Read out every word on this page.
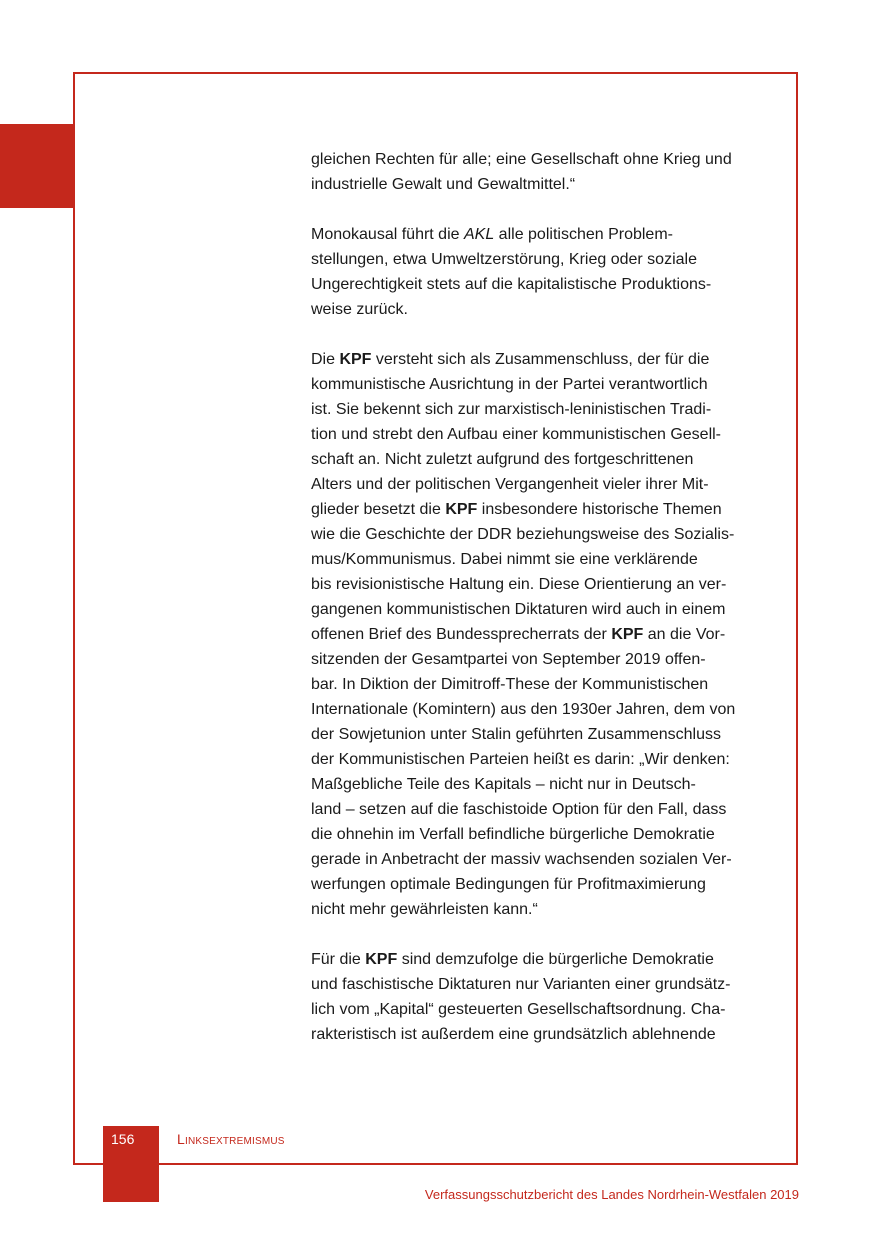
gleichen Rechten für alle; eine Gesellschaft ohne Krieg und
industrielle Gewalt und Gewaltmittel.“

Monokausal führt die AKL alle politischen Problem-
stellungen, etwa Umweltzerstörung, Krieg oder soziale
Ungerechtigkeit stets auf die kapitalistische Produktions-
weise zurück.

Die KPF versteht sich als Zusammenschluss, der für die
kommunistische Ausrichtung in der Partei verantwortlich
ist. Sie bekennt sich zur marxistisch-leninistischen Tradi-
tion und strebt den Aufbau einer kommunistischen Gesell-
schaft an. Nicht zuletzt aufgrund des fortgeschrittenen
Alters und der politischen Vergangenheit vieler ihrer Mit-
glieder besetzt die KPF insbesondere historische Themen
wie die Geschichte der DDR beziehungsweise des Sozialis-
mus/Kommunismus. Dabei nimmt sie eine verklärende
bis revisionistische Haltung ein. Diese Orientierung an ver-
gangenen kommunistischen Diktaturen wird auch in einem
offenen Brief des Bundessprecherrats der KPF an die Vor-
sitzenden der Gesamtpartei von September 2019 offen-
bar. In Diktion der Dimitroff-These der Kommunistischen
Internationale (Komintern) aus den 1930er Jahren, dem von
der Sowjetunion unter Stalin geführten Zusammenschluss
der Kommunistischen Parteien heißt es darin: „Wir denken:
Maßgebliche Teile des Kapitals – nicht nur in Deutsch-
land – setzen auf die faschistoide Option für den Fall, dass
die ohnehin im Verfall befindliche bürgerliche Demokratie
gerade in Anbetracht der massiv wachsenden sozialen Ver-
werfungen optimale Bedingungen für Profitmaximierung
nicht mehr gewährleisten kann.“

Für die KPF sind demzufolge die bürgerliche Demokratie
und faschistische Diktaturen nur Varianten einer grundsätz-
lich vom „Kapital“ gesteuerten Gesellschaftsordnung. Cha-
rakteristisch ist außerdem eine grundsätzlich ablehnende

156	Linksextremismus
Verfassungsschutzbericht des Landes Nordrhein-Westfalen 2019
